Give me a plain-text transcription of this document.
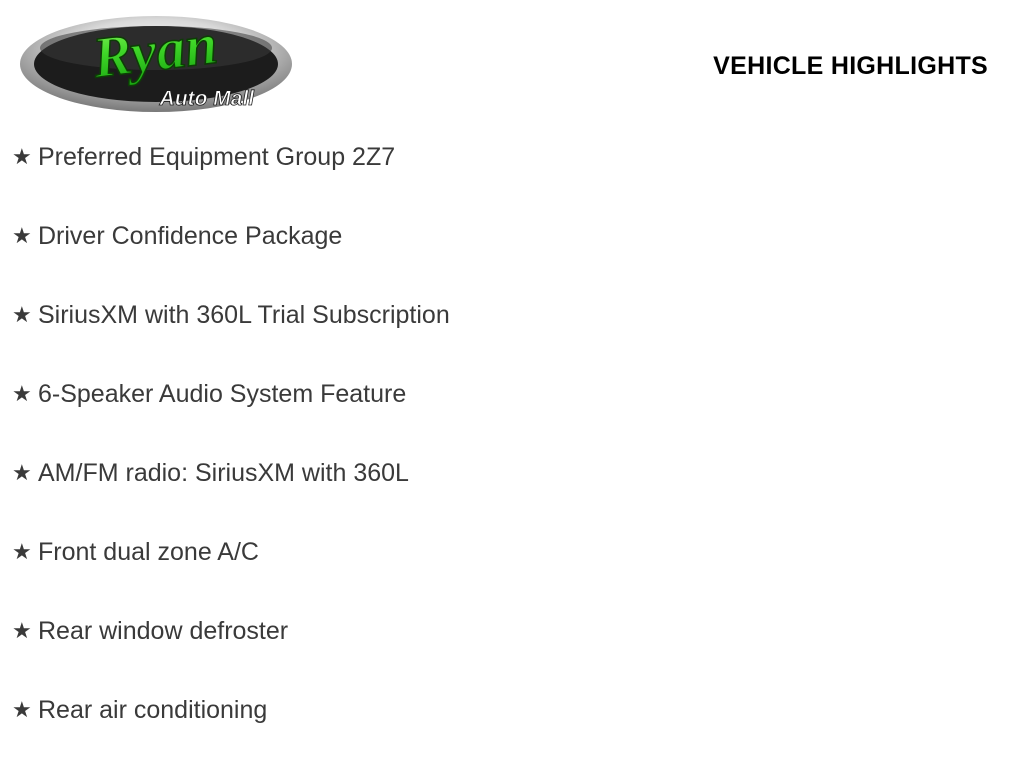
Ryan
Auto Mall
VEHICLE HIGHLIGHTS
★ Preferred Equipment Group 2Z7
★ Driver Confidence Package
★ SiriusXM with 360L Trial Subscription
★ 6-Speaker Audio System Feature
★ AM/FM radio: SiriusXM with 360L
★ Front dual zone A/C
★ Rear window defroster
★ Rear air conditioning
